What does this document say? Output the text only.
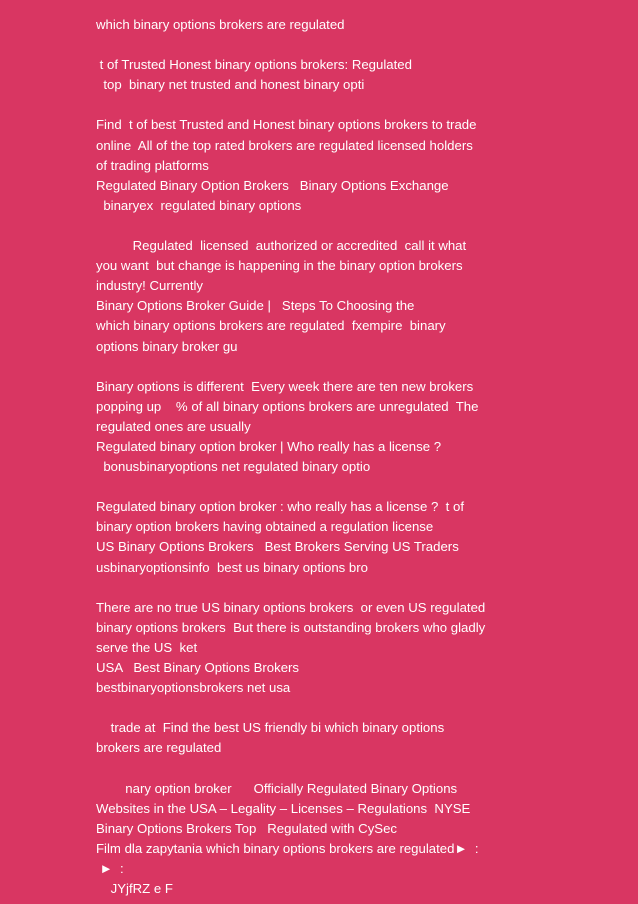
which binary options brokers are regulated
t of Trusted Honest binary options brokers: Regulated
top  binary net trusted and honest binary opti
Find  t of best Trusted and Honest binary options brokers to trade
online  All of the top rated brokers are regulated licensed holders
of trading platforms
Regulated Binary Option Brokers   Binary Options Exchange
binaryex  regulated binary options
Regulated  licensed  authorized or accredited  call it what
you want  but change is happening in the binary option brokers
industry! Currently
Binary Options Broker Guide |   Steps To Choosing the
which binary options brokers are regulated  fxempire  binary
options binary broker gu
Binary options is different  Every week there are ten new brokers
popping up    % of all binary options brokers are unregulated  The
regulated ones are usually
Regulated binary option broker | Who really has a license ?
bonusbinaryoptions net regulated binary optio
Regulated binary option broker : who really has a license ?  t of
binary option brokers having obtained a regulation license
US Binary Options Brokers   Best Brokers Serving US Traders
usbinaryoptionsinfo  best us binary options bro
There are no true US binary options brokers  or even US regulated
binary options brokers  But there is outstanding brokers who gladly
serve the US  ket
USA   Best Binary Options Brokers
bestbinaryoptionsbrokers net usa
trade at  Find the best US friendly bi which binary options
brokers are regulated
nary option broker      Officially Regulated Binary Options
Websites in the USA – Legality – Licenses – Regulations  NYSE
Binary Options Brokers Top   Regulated with CySec
Film dla zapytania which binary options brokers are regulated►  :
►  :
JYjfRZ e F
